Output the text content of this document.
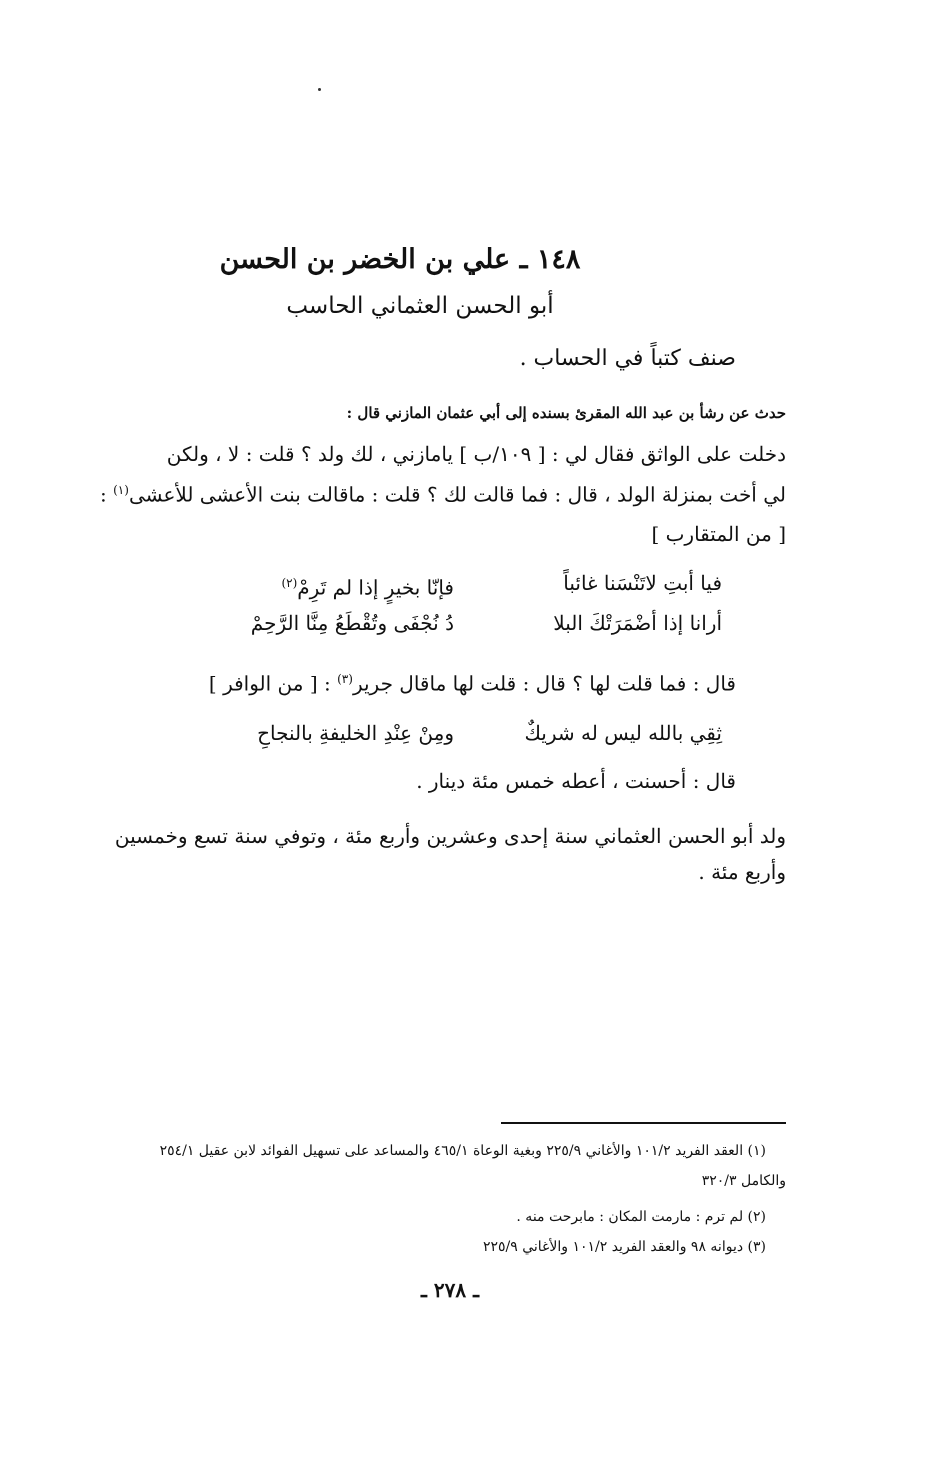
١٤٨ ـ علي بن الخضر بن الحسن
أبو الحسن العثماني الحاسب
صنف كتباً في الحساب .
حدث عن رشأ بن عبد الله المقرئ بسنده إلى أبي عثمان المازني قال :
دخلت على الواثق فقال لي : [ ١٠٩/ب ] يامازني ، لك ولد ؟ قلت : لا ، ولكن
لي أخت بمنزلة الولد ، قال : فما قالت لك ؟ قلت : ماقالت بنت الأعشى للأعشى$^{(١)}$ :
[ من المتقارب ]
فيا أبتِ لاتَنْسَنا غائباً
فإنّا بخيرٍ إذا لم تَرِمْ$^{(٢)}$
أرانا إذا أضْمَرَتْكَ البلا
دُ نُجْفَى وتُقْطَعُ مِنَّا الرَّحِمْ
قال : فما قلت لها ؟ قال : قلت لها ماقال جرير$^{(٣)}$ : [ من الوافر ]
ثِقِي بالله ليس له شريكٌ
ومِنْ عِنْدِ الخليفةِ بالنجاحِ
قال : أحسنت ، أعطه خمس مئة دينار .
ولد أبو الحسن العثماني سنة إحدى وعشرين وأربع مئة ، وتوفي سنة تسع وخمسين
وأربع مئة .
(١) العقد الفريد ١٠١/٢ والأغاني ٢٢٥/٩ وبغية الوعاة ٤٦٥/١ والمساعد على تسهيل الفوائد لابن عقيل ٢٥٤/١
والكامل ٣٢٠/٣
(٢) لم ترم : مارمت المكان : مابرحت منه .
(٣) ديوانه ٩٨ والعقد الفريد ١٠١/٢ والأغاني ٢٢٥/٩
ـ ٢٧٨ ـ
